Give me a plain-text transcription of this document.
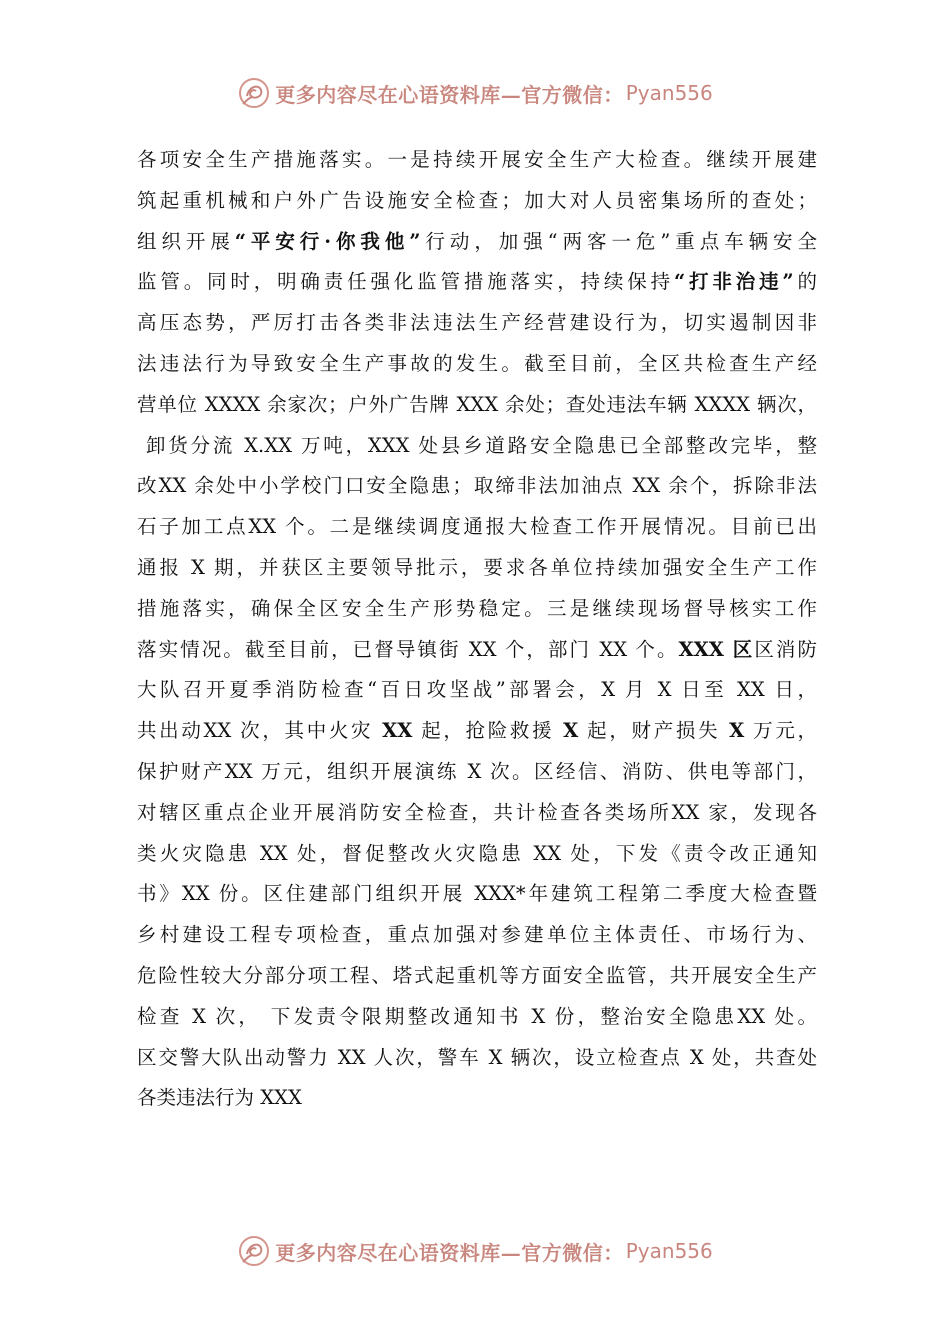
更多内容尽在心语资料库—官方微信： Pyan556
各项安全生产措施落实。一是持续开展安全生产大检查。继续开展建
筑起重机械和户外广告设施安全检查；加大对人员密集场所的查处；
组织开展“平安行·你我他”行动，加强“两客一危”重点车辆安全
监管。同时，明确责任强化监管措施落实，持续保持“打非治违”的
高压态势，严厉打击各类非法违法生产经营建设行为，切实遏制因非
法违法行为导致安全生产事故的发生。截至目前，全区共检查生产经
营单位 XXXX 余家次；户外广告牌 XXX 余处；查处违法车辆 XXXX 辆次，
卸货分流 X.XX 万吨，XXX 处县乡道路安全隐患已全部整改完毕，整
改XX 余处中小学校门口安全隐患；取缔非法加油点 XX 余个，拆除非法
石子加工点XX 个。二是继续调度通报大检查工作开展情况。目前已出
通报 X 期，并获区主要领导批示，要求各单位持续加强安全生产工作
措施落实，确保全区安全生产形势稳定。三是继续现场督导核实工作
落实情况。截至目前，已督导镇街 XX 个，部门 XX 个。XXX 区区消防
大队召开夏季消防检查“百日攻坚战”部署会，X 月 X 日至 XX 日，
共出动XX 次，其中火灾 XX 起，抢险救援 X 起，财产损失 X 万元，
保护财产XX 万元，组织开展演练 X 次。区经信、消防、供电等部门，
对辖区重点企业开展消防安全检查，共计检查各类场所XX 家，发现各
类火灾隐患 XX 处，督促整改火灾隐患 XX 处，下发《责令改正通知
书》XX 份。区住建部门组织开展 XXX*年建筑工程第二季度大检查暨
乡村建设工程专项检查，重点加强对参建单位主体责任、市场行为、
危险性较大分部分项工程、塔式起重机等方面安全监管，共开展安全生产
检查 X 次， 下发责令限期整改通知书 X 份，整治安全隐患XX 处。
区交警大队出动警力 XX 人次，警车 X 辆次，设立检查点 X 处，共查处
各类违法行为 XXX
更多内容尽在心语资料库—官方微信： Pyan556
